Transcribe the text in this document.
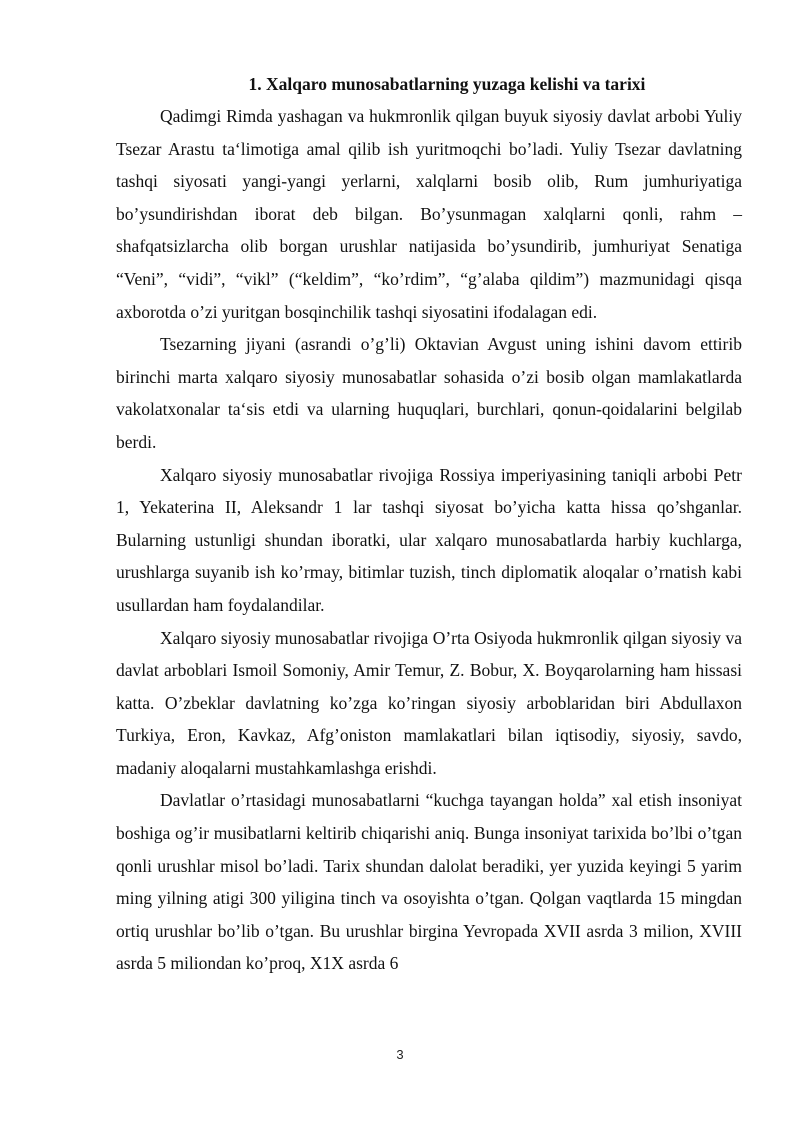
1. Xalqaro munosabatlarning yuzaga kelishi va tarixi

Qadimgi Rimda yashagan va hukmronlik qilgan buyuk siyosiy davlat arbobi Yuliy Tsezar Arastu ta‘limotiga amal qilib ish yuritmoqchi bo’ladi. Yuliy Tsezar davlatning tashqi siyosati yangi-yangi yerlarni, xalqlarni bosib olib, Rum jumhuriyatiga bo’ysundirishdan iborat deb bilgan. Bo’ysunmagan xalqlarni qonli, rahm – shafqatsizlarcha olib borgan urushlar natijasida bo’ysundirib, jumhuriyat Senatiga “Veni”, “vidi”, “vikl” (“keldim”, “ko’rdim”, “g’alaba qildim”) mazmunidagi qisqa axborotda o’zi yuritgan bosqinchilik tashqi siyosatini ifodalagan edi.

Tsezarning jiyani (asrandi o’g’li) Oktavian Avgust uning ishini davom ettirib birinchi marta xalqaro siyosiy munosabatlar sohasida o’zi bosib olgan mamlakatlarda vakolatxonalar ta‘sis etdi va ularning huquqlari, burchlari, qonun-qoidalarini belgilab berdi.

Xalqaro siyosiy munosabatlar rivojiga Rossiya imperiyasining taniqli arbobi Petr 1, Yekaterina II, Aleksandr 1 lar tashqi siyosat bo’yicha katta hissa qo’shganlar. Bularning ustunligi shundan iboratki, ular xalqaro munosabatlarda harbiy kuchlarga, urushlarga suyanib ish ko’rmay, bitimlar tuzish, tinch diplomatik aloqalar o’rnatish kabi usullardan ham foydalandilar.

Xalqaro siyosiy munosabatlar rivojiga O’rta Osiyoda hukmronlik qilgan siyosiy va davlat arboblari Ismoil Somoniy, Amir Temur, Z. Bobur, X. Boyqarolarning ham hissasi katta. O’zbeklar davlatning ko’zga ko’ringan siyosiy arboblaridan biri Abdullaxon Turkiya, Eron, Kavkaz, Afg’oniston mamlakatlari bilan iqtisodiy, siyosiy, savdo, madaniy aloqalarni mustahkamlashga erishdi.

Davlatlar o’rtasidagi munosabatlarni “kuchga tayangan holda” xal etish insoniyat boshiga og’ir musibatlarni keltirib chiqarishi aniq. Bunga insoniyat tarixida bo’lbi o’tgan qonli urushlar misol bo’ladi. Tarix shundan dalolat beradiki, yer yuzida keyingi 5 yarim ming yilning atigi 300 yiligina tinch va osoyishta o’tgan. Qolgan vaqtlarda 15 mingdan ortiq urushlar bo’lib o’tgan. Bu urushlar birgina Yevropada XVII asrda 3 milion, XVIII asrda 5 miliondan ko’proq, X1X asrda 6

3
